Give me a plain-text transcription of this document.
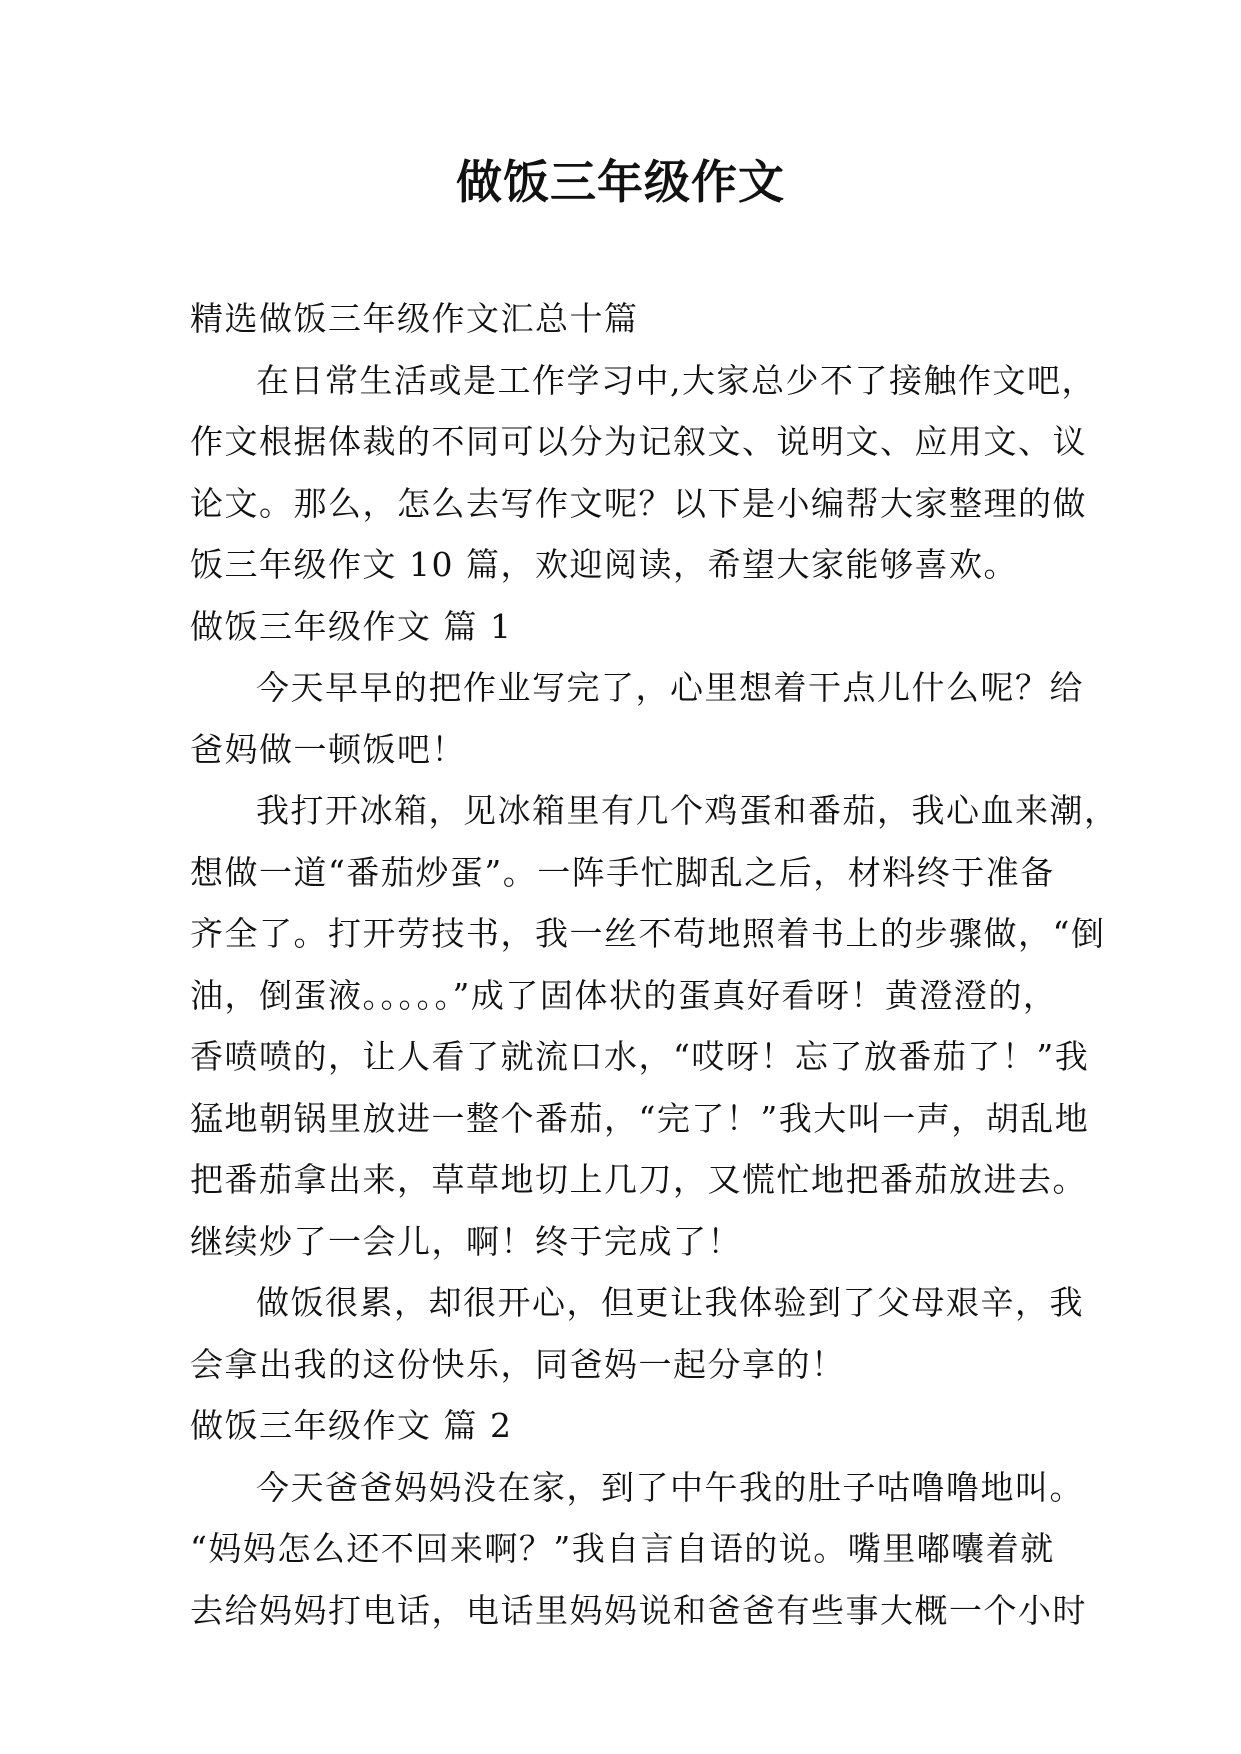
做饭三年级作文
精选做饭三年级作文汇总十篇
在日常生活或是工作学习中,大家总少不了接触作文吧，
作文根据体裁的不同可以分为记叙文、说明文、应用文、议
论文。那么，怎么去写作文呢？以下是小编帮大家整理的做
饭三年级作文 10 篇，欢迎阅读，希望大家能够喜欢。
做饭三年级作文 篇 1
今天早早的把作业写完了，心里想着干点儿什么呢？给
爸妈做一顿饭吧！
我打开冰箱，见冰箱里有几个鸡蛋和番茄，我心血来潮，
想做一道“番茄炒蛋”。一阵手忙脚乱之后，材料终于准备
齐全了。打开劳技书，我一丝不苟地照着书上的步骤做，“倒
油，倒蛋液。。。。。”成了固体状的蛋真好看呀！黄澄澄的，
香喷喷的，让人看了就流口水，“哎呀！忘了放番茄了！”我
猛地朝锅里放进一整个番茄，“完了！”我大叫一声，胡乱地
把番茄拿出来，草草地切上几刀，又慌忙地把番茄放进去。
继续炒了一会儿，啊！终于完成了！
做饭很累，却很开心，但更让我体验到了父母艰辛，我
会拿出我的这份快乐，同爸妈一起分享的！
做饭三年级作文 篇 2
今天爸爸妈妈没在家，到了中午我的肚子咕噜噜地叫。
“妈妈怎么还不回来啊？”我自言自语的说。嘴里嘟囔着就
去给妈妈打电话，电话里妈妈说和爸爸有些事大概一个小时
